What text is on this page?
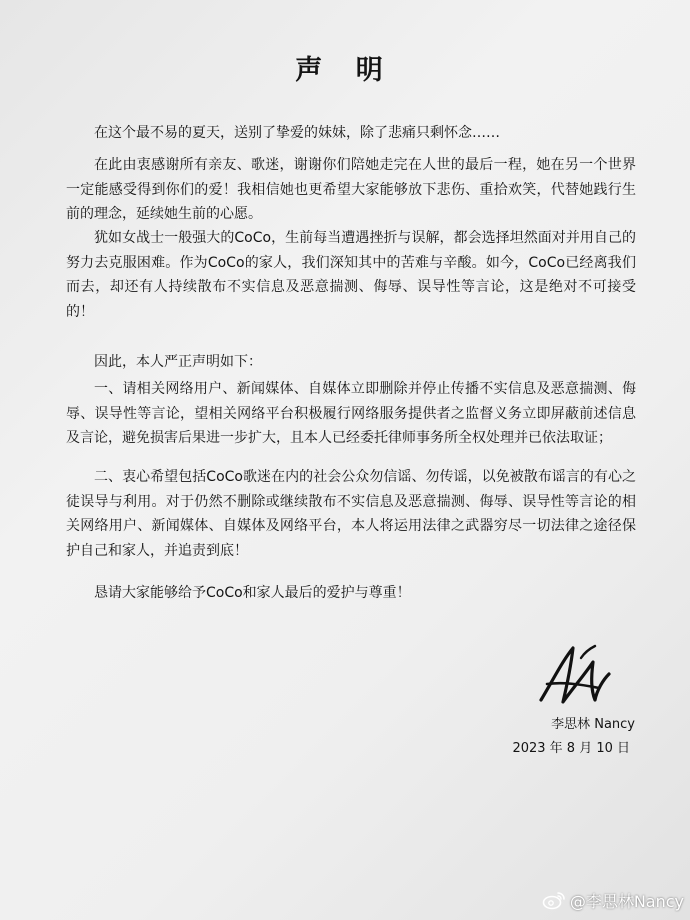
声 明
在这个最不易的夏天，送别了挚爱的妹妹，除了悲痛只剩怀念……
在此由衷感谢所有亲友、歌迷，谢谢你们陪她走完在人世的最后一程，她在另一个世界一定能感受得到你们的爱！我相信她也更希望大家能够放下悲伤、重拾欢笑，代替她践行生前的理念，延续她生前的心愿。
犹如女战士一般强大的CoCo，生前每当遭遇挫折与误解，都会选择坦然面对并用自己的努力去克服困难。作为CoCo的家人，我们深知其中的苦难与辛酸。如今，CoCo已经离我们而去，却还有人持续散布不实信息及恶意揣测、侮辱、误导性等言论，这是绝对不可接受的！
因此，本人严正声明如下：
一、请相关网络用户、新闻媒体、自媒体立即删除并停止传播不实信息及恶意揣测、侮辱、误导性等言论，望相关网络平台积极履行网络服务提供者之监督义务立即屏蔽前述信息及言论，避免损害后果进一步扩大，且本人已经委托律师事务所全权处理并已依法取证；
二、衷心希望包括CoCo歌迷在内的社会公众勿信谣、勿传谣，以免被散布谣言的有心之徒误导与利用。对于仍然不删除或继续散布不实信息及恶意揣测、侮辱、误导性等言论的相关网络用户、新闻媒体、自媒体及网络平台，本人将运用法律之武器穷尽一切法律之途径保护自己和家人，并追责到底！
恳请大家能够给予CoCo和家人最后的爱护与尊重！
李思林 Nancy
2023 年 8 月 10 日
@李思林Nancy
